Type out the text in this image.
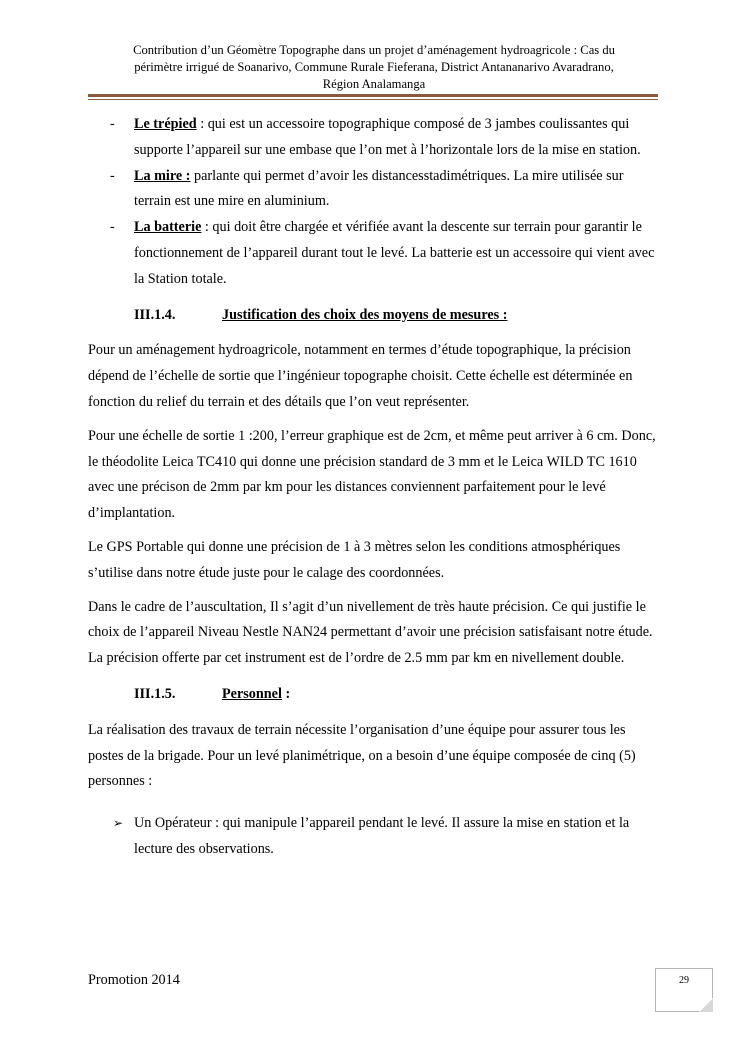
Contribution d’un Géomètre Topographe dans un projet d’aménagement hydroagricole : Cas du
périmètre irrigué de Soanarivo, Commune Rurale Fieferana, District Antananarivo Avaradrano,
Région Analamanga
- Le trépied : qui est un accessoire topographique composé de 3 jambes coulissantes qui supporte l’appareil sur une embase que l’on met à l’horizontale lors de la mise en station.
- La mire : parlante qui permet d’avoir les distancesstadimétriques. La mire utilisée sur terrain est une mire en aluminium.
- La batterie : qui doit être chargée et vérifiée avant la descente sur terrain pour garantir le fonctionnement de l’appareil durant tout le levé. La batterie est un accessoire qui vient avec la Station totale.
III.1.4.	Justification des choix des moyens de mesures :

Pour un aménagement hydroagricole, notamment en termes d’étude topographique, la précision dépend de l’échelle de sortie que l’ingénieur topographe choisit. Cette échelle est déterminée en fonction du relief du terrain et des détails que l’on veut représenter.

Pour une échelle de sortie 1 :200, l’erreur graphique est de 2cm, et même peut arriver à 6 cm. Donc, le théodolite Leica TC410 qui donne une précision standard de 3 mm et le Leica WILD TC 1610 avec une précison de 2mm par km pour les distances conviennent parfaitement pour le levé d’implantation.

Le GPS Portable qui donne une précision de 1 à 3 mètres selon les conditions atmosphériques s’utilise dans notre étude juste pour le calage des coordonnées.

Dans le cadre de l’auscultation, Il s’agit d’un nivellement de très haute précision. Ce qui justifie le choix de l’appareil Niveau Nestle NAN24 permettant d’avoir une précision satisfaisant notre étude. La précision offerte par cet instrument est de l’ordre de 2.5 mm par km en nivellement double.

III.1.5.	Personnel :

La réalisation des travaux de terrain nécessite l’organisation d’une équipe pour assurer tous les postes de la brigade. Pour un levé planimétrique, on a besoin d’une équipe composée de cinq (5) personnes :

➢ Un Opérateur : qui manipule l’appareil pendant le levé. Il assure la mise en station et la lecture des observations.
Promotion 2014	29
